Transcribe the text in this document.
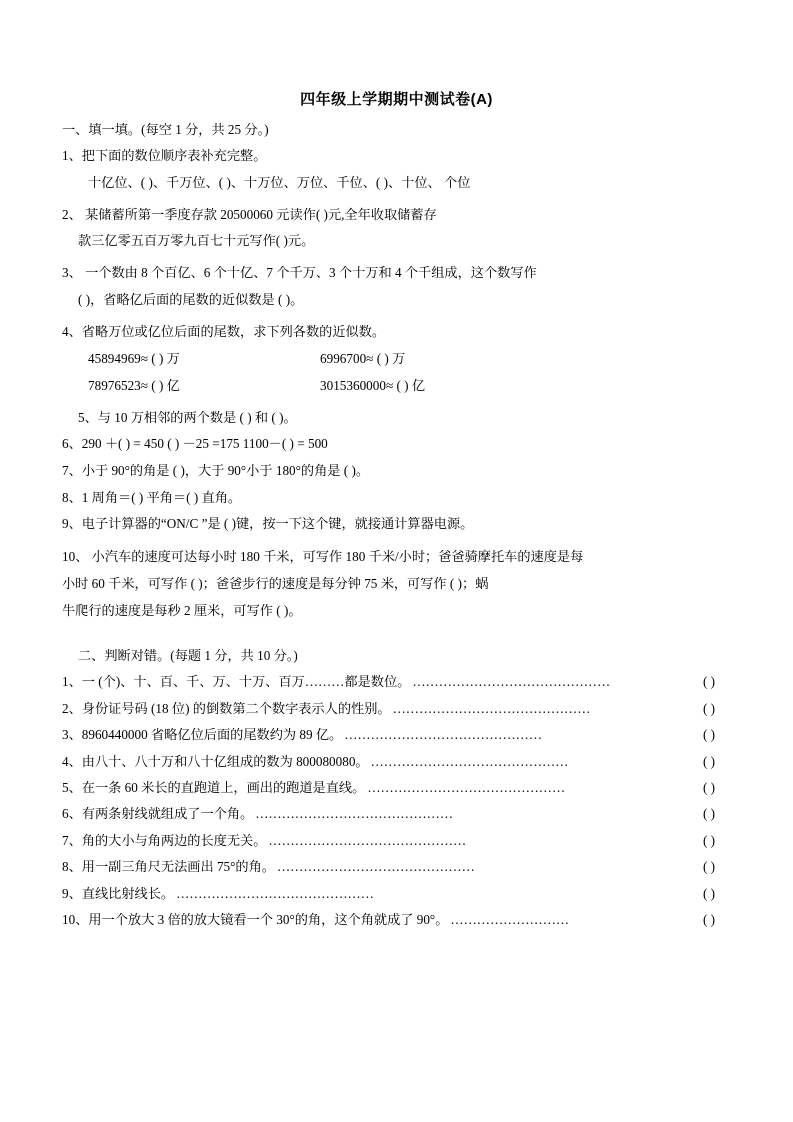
四年级上学期期中测试卷(A)
一、填一填。(每空 1 分，共 25 分。)
1、把下面的数位顺序表补充完整。
十亿位、( )、千万位、( )、十万位、万位、千位、( )、十位、 个位
2、 某储蓄所第一季度存款 20500060 元读作( )元,全年收取储蓄存
款三亿零五百万零九百七十元写作( )元。
3、 一个数由 8 个百亿、6 个十亿、7 个千万、3 个十万和 4 个千组成，这个数写作
( )，省略亿后面的尾数的近似数是 ( )。
4、省略万位或亿位后面的尾数，求下列各数的近似数。
45894969≈ ( ) 万	6996700≈ ( ) 万
78976523≈ ( ) 亿	3015360000≈ ( ) 亿
5、与 10 万相邻的两个数是 ( ) 和 ( )。
6、290 ＋( ) = 450 ( ) －25 =175 1100－( ) = 500
7、小于 90°的角是 ( )，大于 90°小于 180°的角是 ( )。
8、1 周角＝( ) 平角＝( ) 直角。
9、电子计算器的“ON/C ”是 ( )键，按一下这个键，就接通计算器电源。
10、 小汽车的速度可达每小时 180 千米，可写作 180 千米/小时；爸爸骑摩托车的速度是每
小时 60 千米，可写作 ( )；爸爸步行的速度是每分钟 75 米，可写作 ( )；蜗
牛爬行的速度是每秒 2 厘米，可写作 ( )。
二、判断对错。(每题 1 分，共 10 分。)
1、一 (个)、十、百、千、万、十万、百万………都是数位。 ………………………………………	( )
2、身份证号码 (18 位) 的倒数第二个数字表示人的性别。 ………………………………………	( )
3、8960440000 省略亿位后面的尾数约为 89 亿。 ………………………………………	( )
4、由八十、八十万和八十亿组成的数为 800080080。 ………………………………………	( )
5、在一条 60 米长的直跑道上，画出的跑道是直线。 ………………………………………	( )
6、有两条射线就组成了一个角。 ………………………………………	( )
7、角的大小与角两边的长度无关。 ………………………………………	( )
8、用一副三角尺无法画出 75°的角。 ………………………………………	( )
9、直线比射线长。 ………………………………………	( )
10、用一个放大 3 倍的放大镜看一个 30°的角，这个角就成了 90°。 ………………………	( )
